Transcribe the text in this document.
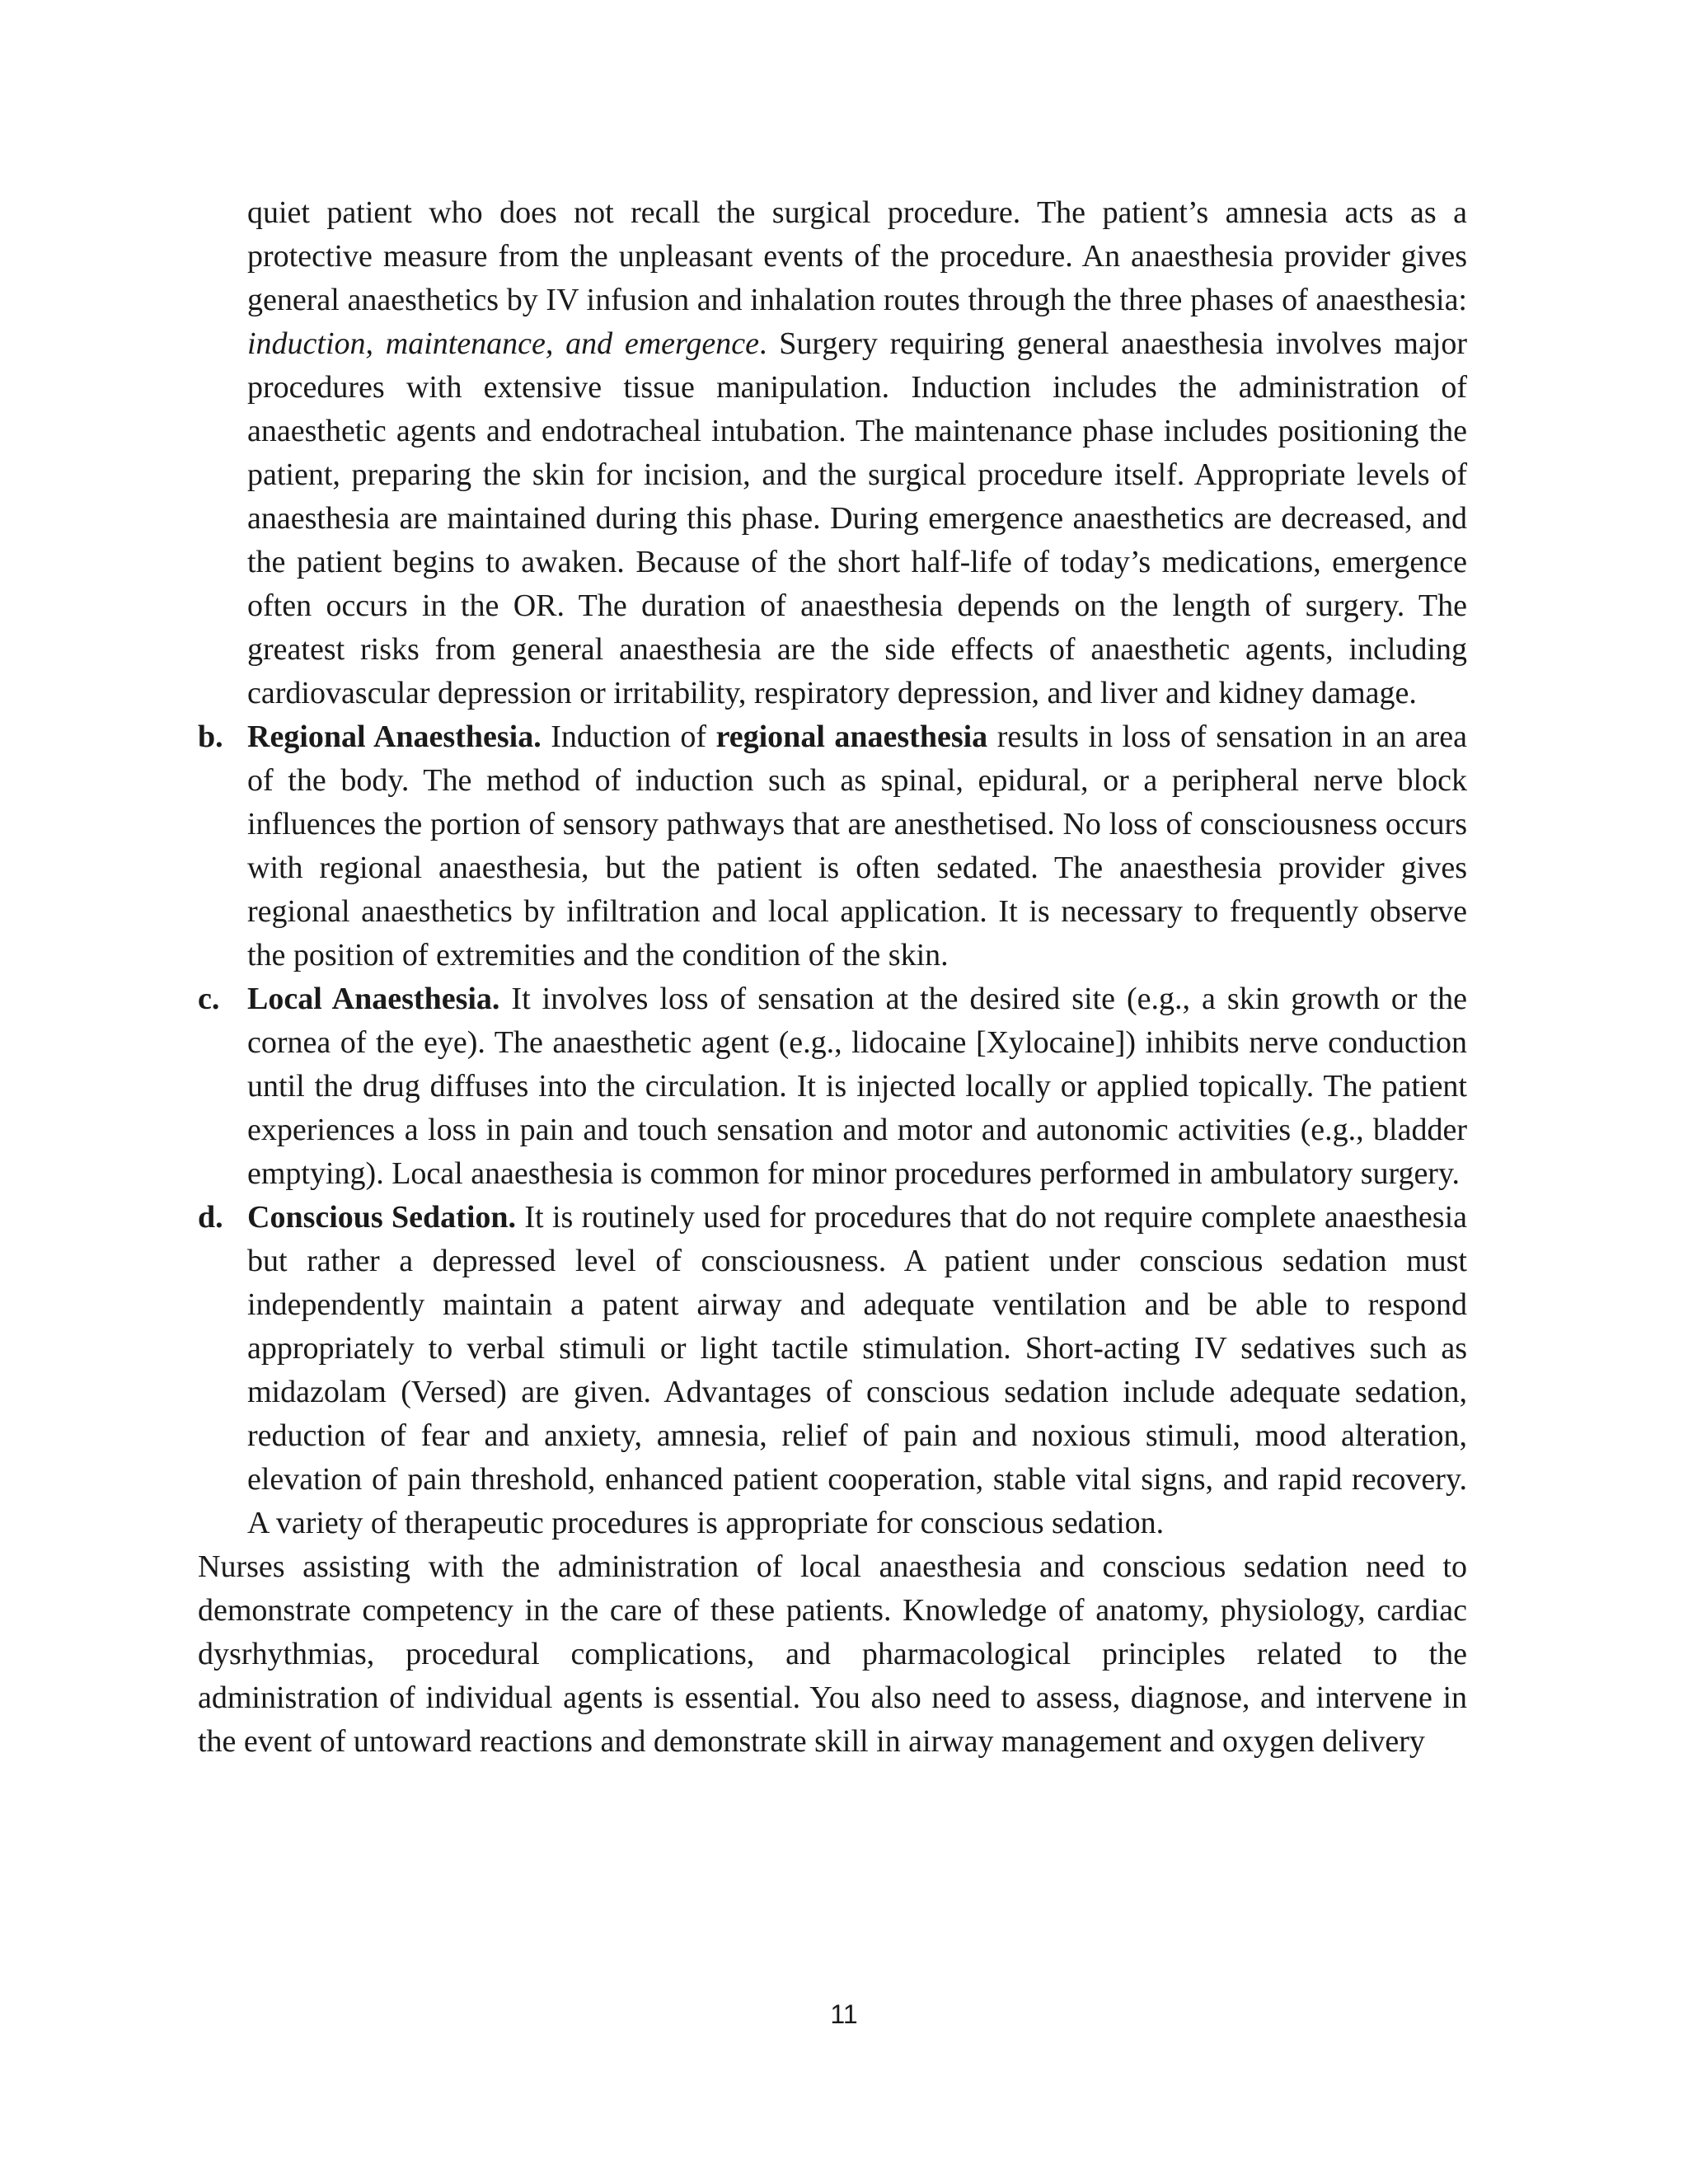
quiet patient who does not recall the surgical procedure. The patient’s amnesia acts as a protective measure from the unpleasant events of the procedure. An anaesthesia provider gives general anaesthetics by IV infusion and inhalation routes through the three phases of anaesthesia: induction, maintenance, and emergence. Surgery requiring general anaesthesia involves major procedures with extensive tissue manipulation. Induction includes the administration of anaesthetic agents and endotracheal intubation. The maintenance phase includes positioning the patient, preparing the skin for incision, and the surgical procedure itself. Appropriate levels of anaesthesia are maintained during this phase. During emergence anaesthetics are decreased, and the patient begins to awaken. Because of the short half-life of today’s medications, emergence often occurs in the OR. The duration of anaesthesia depends on the length of surgery. The greatest risks from general anaesthesia are the side effects of anaesthetic agents, including cardiovascular depression or irritability, respiratory depression, and liver and kidney damage.

b. Regional Anaesthesia. Induction of regional anaesthesia results in loss of sensation in an area of the body. The method of induction such as spinal, epidural, or a peripheral nerve block influences the portion of sensory pathways that are anesthetised. No loss of consciousness occurs with regional anaesthesia, but the patient is often sedated. The anaesthesia provider gives regional anaesthetics by infiltration and local application. It is necessary to frequently observe the position of extremities and the condition of the skin.

c. Local Anaesthesia. It involves loss of sensation at the desired site (e.g., a skin growth or the cornea of the eye). The anaesthetic agent (e.g., lidocaine [Xylocaine]) inhibits nerve conduction until the drug diffuses into the circulation. It is injected locally or applied topically. The patient experiences a loss in pain and touch sensation and motor and autonomic activities (e.g., bladder emptying). Local anaesthesia is common for minor procedures performed in ambulatory surgery.

d. Conscious Sedation. It is routinely used for procedures that do not require complete anaesthesia but rather a depressed level of consciousness. A patient under conscious sedation must independently maintain a patent airway and adequate ventilation and be able to respond appropriately to verbal stimuli or light tactile stimulation. Short-acting IV sedatives such as midazolam (Versed) are given. Advantages of conscious sedation include adequate sedation, reduction of fear and anxiety, amnesia, relief of pain and noxious stimuli, mood alteration, elevation of pain threshold, enhanced patient cooperation, stable vital signs, and rapid recovery. A variety of therapeutic procedures is appropriate for conscious sedation.

Nurses assisting with the administration of local anaesthesia and conscious sedation need to demonstrate competency in the care of these patients. Knowledge of anatomy, physiology, cardiac dysrhythmias, procedural complications, and pharmacological principles related to the administration of individual agents is essential. You also need to assess, diagnose, and intervene in the event of untoward reactions and demonstrate skill in airway management and oxygen delivery

11
